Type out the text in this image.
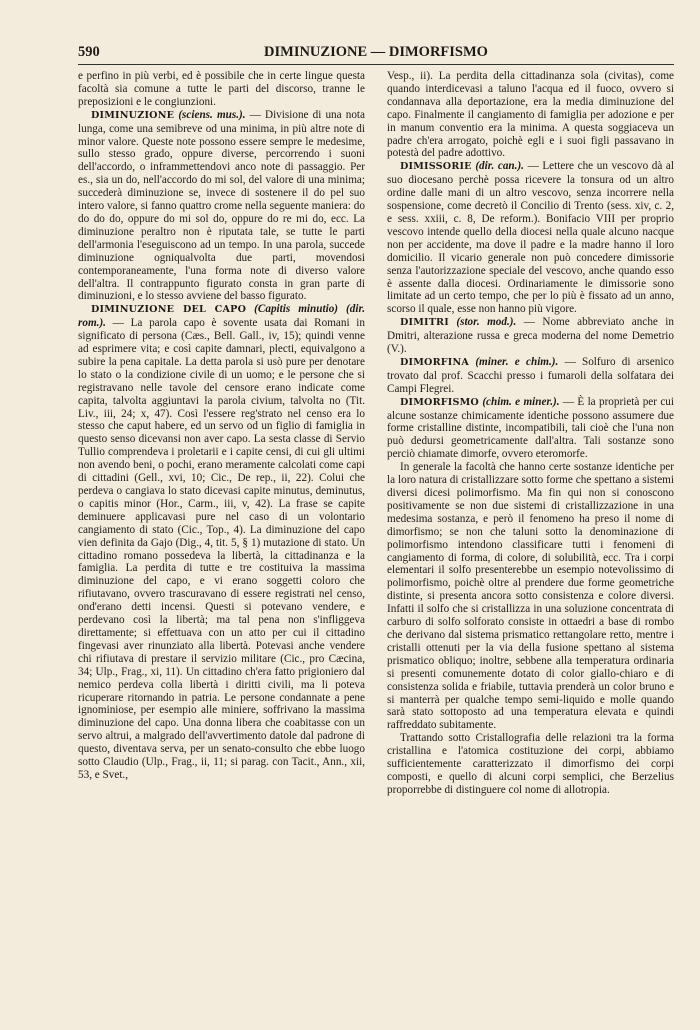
590	DIMINUZIONE — DIMORFISMO

e perfino in più verbi, ed è possibile che in certe lingue questa facoltà sia comune a tutte le parti del discorso, tranne le preposizioni e le congiunzioni.

DIMINUZIONE (sciens. mus.). — Divisione di una nota lunga, come una semibreve od una minima, in più altre note di minor valore. Queste note possono essere sempre le medesime, sullo stesso grado, oppure diverse, percorrendo i suoni dell'accordo, o inframmettendovi anco note di passaggio. Per es., sia un do, nell'accordo do mi sol, del valore di una minima; succederà diminuzione se, invece di sostenere il do pel suo intero valore, si fanno quattro crome nella seguente maniera: do do do do, oppure do mi sol do, oppure do re mi do, ecc. La diminuzione peraltro non è riputata tale, se tutte le parti dell'armonia l'eseguiscono ad un tempo. In una parola, succede diminuzione ogniqualvolta due parti, movendosi contemporaneamente, l'una forma note di diverso valore dell'altra. Il contrappunto figurato consta in gran parte di diminuzioni, e lo stesso avviene del basso figurato.

DIMINUZIONE DEL CAPO (Capitis minutio) (dir. rom.). — La parola capo è sovente usata dai Romani in significato di persona (Cæs., Bell. Gall., iv, 15); quindi venne ad esprimere vita; e così capite damnari, plecti, equivalgono a subire la pena capitale. La detta parola si usò pure per denotare lo stato o la condizione civile di un uomo; e le persone che si registravano nelle tavole del censore erano indicate come capita, talvolta aggiuntavi la parola civium, talvolta no (Tit. Liv., iii, 24; x, 47). Così l'essere reg'strato nel censo era lo stesso che caput habere, ed un servo od un figlio di famiglia in questo senso dicevansi non aver capo. La sesta classe di Servio Tullio comprendeva i proletarii e i capite censi, di cui gli ultimi non avendo beni, o pochi, erano meramente calcolati come capi di cittadini (Gell., xvi, 10; Cic., De rep., ii, 22). Colui che perdeva o cangiava lo stato dicevasi capite minutus, deminutus, o capitis minor (Hor., Carm., iii, v, 42). La frase se capite deminuere applicavasi pure nel caso di un volontario cangiamento di stato (Cic., Top., 4). La diminuzione del capo vien definita da Gajo (Dig., 4, tit. 5, § 1) mutazione di stato. Un cittadino romano possedeva la libertà, la cittadinanza e la famiglia. La perdita di tutte e tre costituiva la massima diminuzione del capo, e vi erano soggetti coloro che rifiutavano, ovvero trascuravano di essere registrati nel censo, ond'erano detti incensi. Questi si potevano vendere, e perdevano così la libertà; ma tal pena non s'infliggeva direttamente; si effettuava con un atto per cui il cittadino fingevasi aver rinunziato alla libertà. Potevasi anche vendere chi rifiutava di prestare il servizio militare (Cic., pro Cæcina, 34; Ulp., Frag., xi, 11). Un cittadino ch'era fatto prigioniero dal nemico perdeva colla libertà i diritti civili, ma li poteva ricuperare ritornando in patria. Le persone condannate a pene ignominiose, per esempio alle miniere, soffrivano la massima diminuzione del capo. Una donna libera che coabitasse con un servo altrui, a malgrado dell'avvertimento datole dal padrone di questo, diventava serva, per un senato-consulto che ebbe luogo sotto Claudio (Ulp., Frag., ii, 11; si parag. con Tacit., Ann., xii, 53, e Svet.,

Vesp., ii). La perdita della cittadinanza sola (civitas), come quando interdicevasi a taluno l'acqua ed il fuoco, ovvero si condannava alla deportazione, era la media diminuzione del capo. Finalmente il cangiamento di famiglia per adozione e per in manum conventio era la minima. A questa soggiaceva un padre ch'era arrogato, poichè egli e i suoi figli passavano in potestà del padre adottivo.

DIMISSORIE (dir. can.). — Lettere che un vescovo dà al suo diocesano perchè possa ricevere la tonsura od un altro ordine dalle mani di un altro vescovo, senza incorrere nella sospensione, come decretò il Concilio di Trento (sess. xiv, c. 2, e sess. xxiii, c. 8, De reform.). Bonifacio VIII per proprio vescovo intende quello della diocesi nella quale alcuno nacque non per accidente, ma dove il padre e la madre hanno il loro domicilio. Il vicario generale non può concedere dimissorie senza l'autorizzazione speciale del vescovo, anche quando esso è assente dalla diocesi. Ordinariamente le dimissorie sono limitate ad un certo tempo, che per lo più è fissato ad un anno, scorso il quale, esse non hanno più vigore.

DIMITRI (stor. mod.). — Nome abbreviato anche in Dmitri, alterazione russa e greca moderna del nome Demetrio (V.).

DIMORFINA (miner. e chim.). — Solfuro di arsenico trovato dal prof. Scacchi presso i fumaroli della solfatara dei Campi Flegrei.

DIMORFISMO (chim. e miner.). — È la proprietà per cui alcune sostanze chimicamente identiche possono assumere due forme cristalline distinte, incompatibili, tali cioè che l'una non può dedursi geometricamente dall'altra. Tali sostanze sono perciò chiamate dimorfe, ovvero eteromorfe.

In generale la facoltà che hanno certe sostanze identiche per la loro natura di cristallizzare sotto forme che spettano a sistemi diversi dicesi polimorfismo. Ma fin qui non si conoscono positivamente se non due sistemi di cristallizzazione in una medesima sostanza, e però il fenomeno ha preso il nome di dimorfismo; se non che taluni sotto la denominazione di polimorfismo intendono classificare tutti i fenomeni di cangiamento di forma, di colore, di solubilità, ecc. Tra i corpi elementari il solfo presenterebbe un esempio notevolissimo di polimorfismo, poichè oltre al prendere due forme geometriche distinte, si presenta ancora sotto consistenza e colore diversi. Infatti il solfo che si cristallizza in una soluzione concentrata di carburo di solfo solforato consiste in ottaedri a base di rombo che derivano dal sistema prismatico rettangolare retto, mentre i cristalli ottenuti per la via della fusione spettano al sistema prismatico obliquo; inoltre, sebbene alla temperatura ordinaria si presenti comunemente dotato di color giallo-chiaro e di consistenza solida e friabile, tuttavia prenderà un color bruno e si manterrà per qualche tempo semi-liquido e molle quando sarà stato sottoposto ad una temperatura elevata e quindi raffreddato subitamente.

Trattando sotto Cristallografia delle relazioni tra la forma cristallina e l'atomica costituzione dei corpi, abbiamo sufficientemente caratterizzato il dimorfismo dei corpi composti, e quello di alcuni corpi semplici, che Berzelius proporrebbe di distinguere col nome di allotropia.
